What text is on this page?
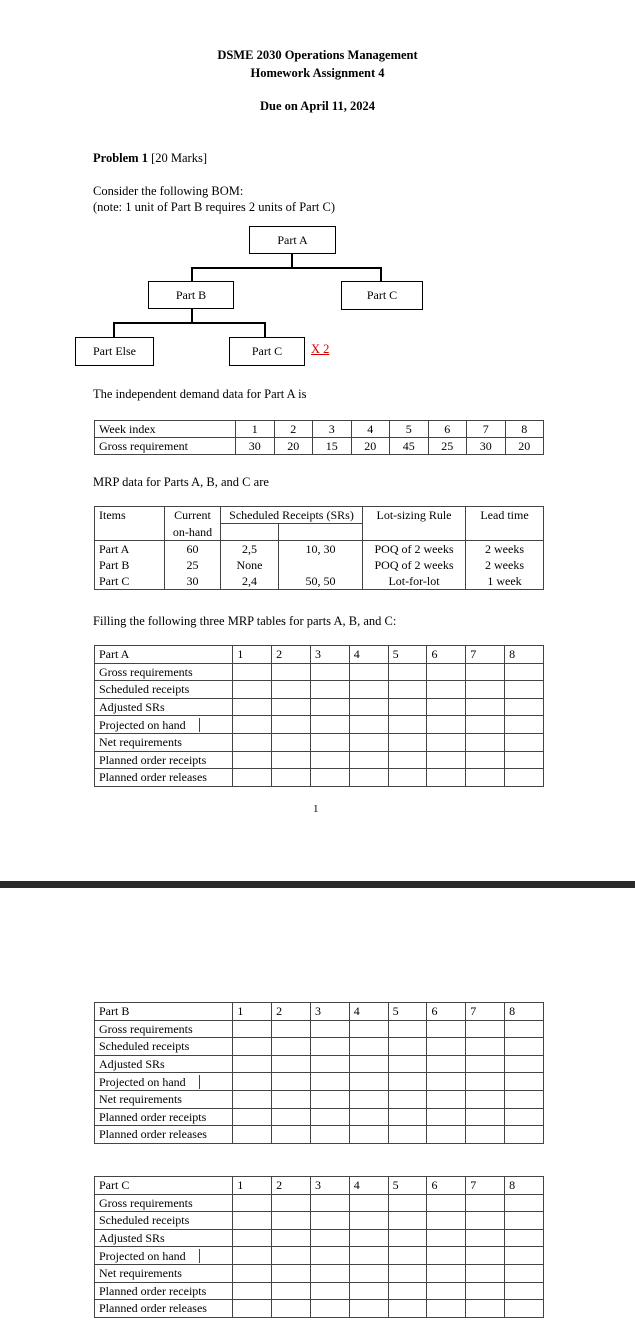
DSME 2030 Operations Management
Homework Assignment 4
Due on April 11, 2024
Problem 1 [20 Marks]
Consider the following BOM:
(note: 1 unit of Part B requires 2 units of Part C)
Part A
Part B	Part C
Part Else	Part C	X 2
The independent demand data for Part A is
Week index	1	2	3	4	5	6	7	8
Gross requirement	30	20	15	20	45	25	30	20
MRP data for Parts A, B, and C are
Items	Current	Scheduled Receipts (SRs)		Lot-sizing Rule	Lead time
	on-hand				
Part A	60	2,5	10, 30	POQ of 2 weeks	2 weeks
Part B	25	None		POQ of 2 weeks	2 weeks
Part C	30	2,4	50, 50	Lot-for-lot	1 week
Filling the following three MRP tables for parts A, B, and C:
Part A	1	2	3	4	5	6	7	8
Gross requirements								
Scheduled receipts								
Adjusted SRs								
Projected on hand

Net requirements								
Planned order receipts								
Planned order releases								
Part B	1	2	3	4	5	6	7	8
Gross requirements								
Scheduled receipts								
Adjusted SRs								
Projected on hand

Net requirements								
Planned order receipts								
Planned order releases								
Part C	1	2	3	4	5	6	7	8
Gross requirements								
Scheduled receipts								
Adjusted SRs								
Projected on hand

Net requirements								
Planned order receipts								
Planned order releases								
1
